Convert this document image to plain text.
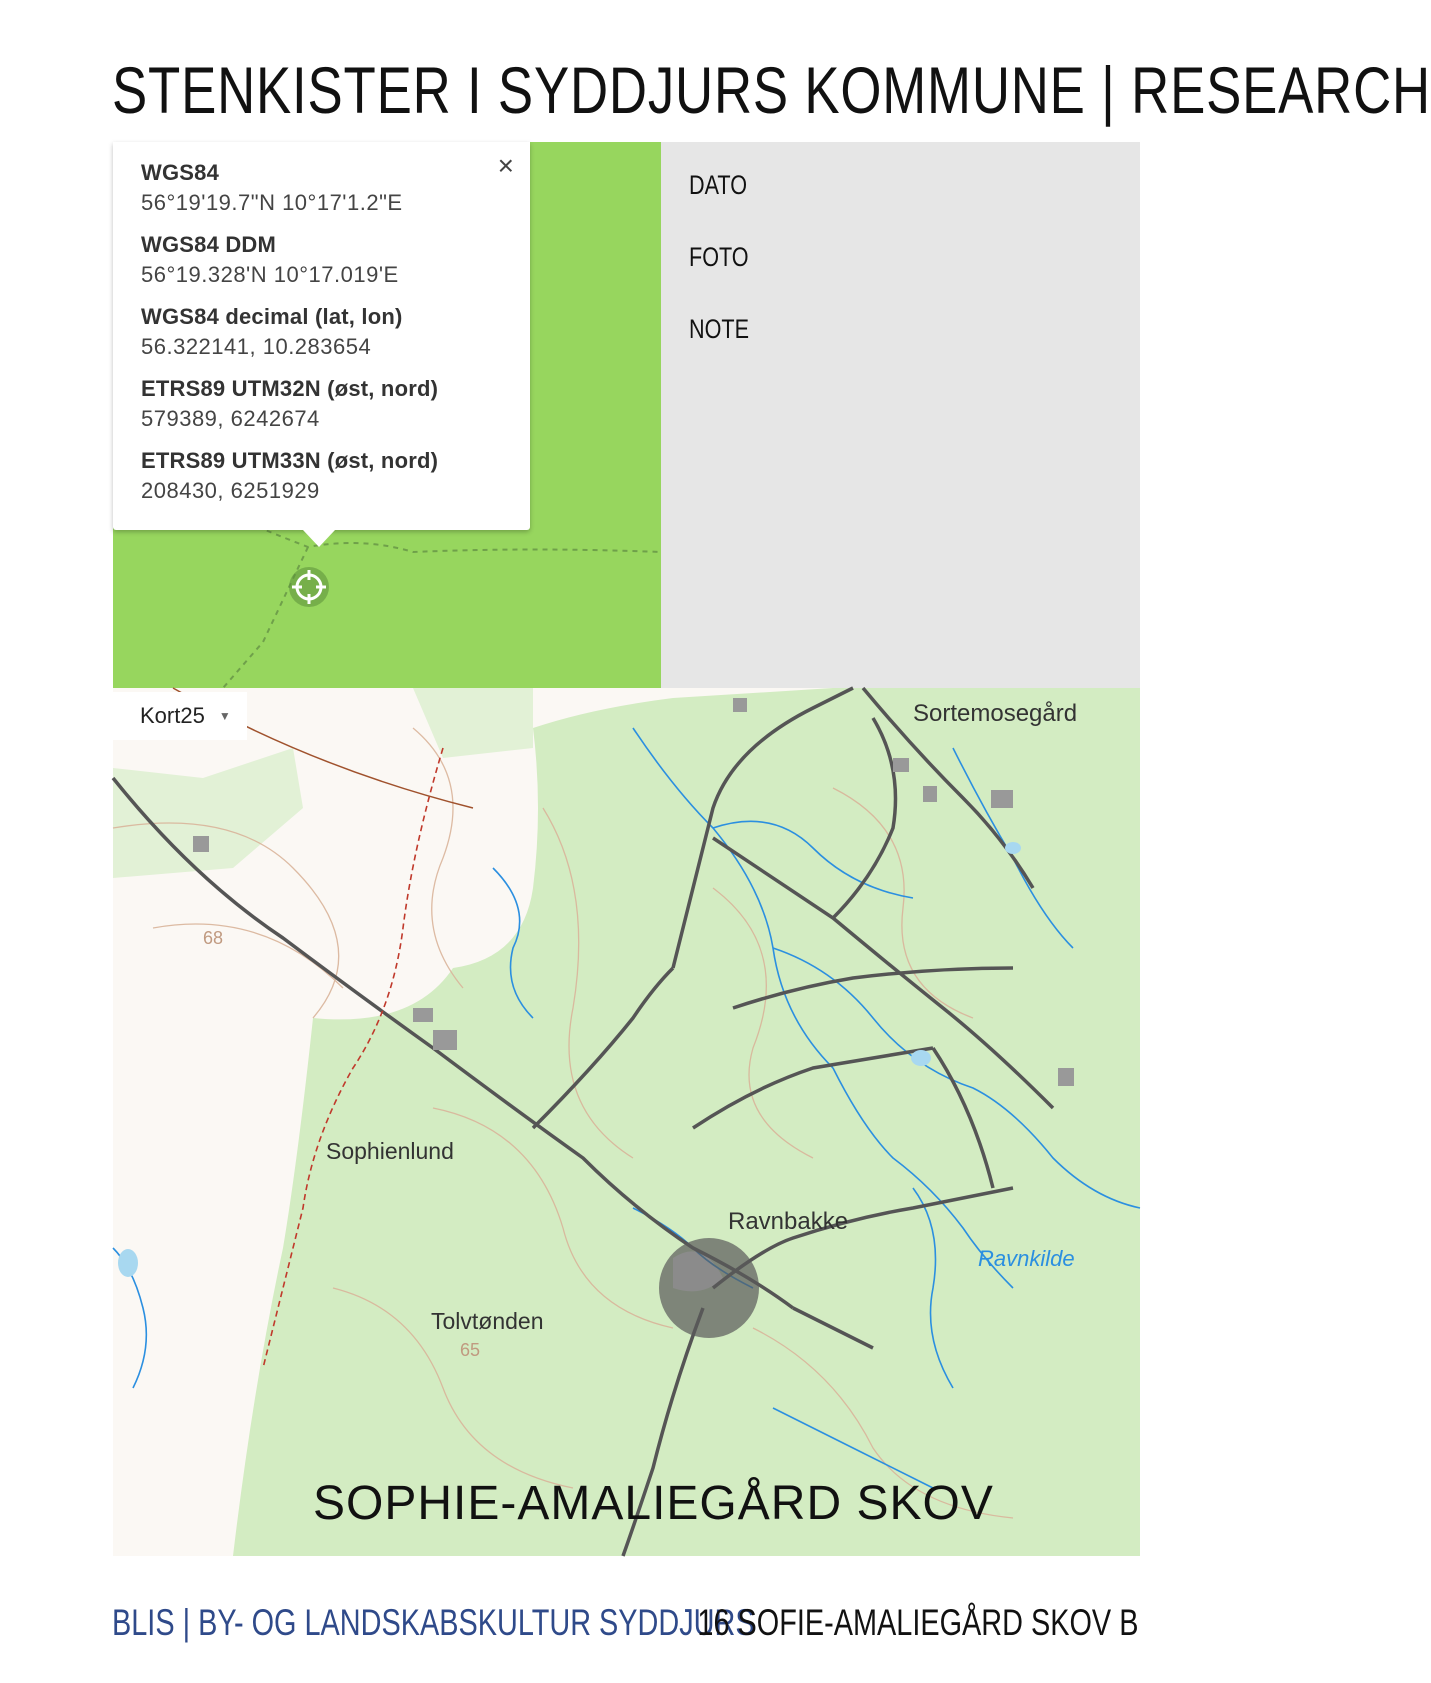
STENKISTER I SYDDJURS KOMMUNE | RESEARCH
×
WGS84
56°19'19.7"N 10°17'1.2"E
WGS84 DDM
56°19.328'N 10°17.019'E
WGS84 decimal (lat, lon)
56.322141, 10.283654
ETRS89 UTM32N (øst, nord)
579389, 6242674
ETRS89 UTM33N (øst, nord)
208430, 6251929
DATO
FOTO
NOTE
Sortemosegård
68
Sophienlund
Ravnbakke
Ravnkilde
Tolvtønden
65
SOPHIE-AMALIEGÅRD SKOV
Kort25 ▼
BLIS | BY- OG LANDSKABSKULTUR SYDDJURS
16 SOFIE-AMALIEGÅRD SKOV B
